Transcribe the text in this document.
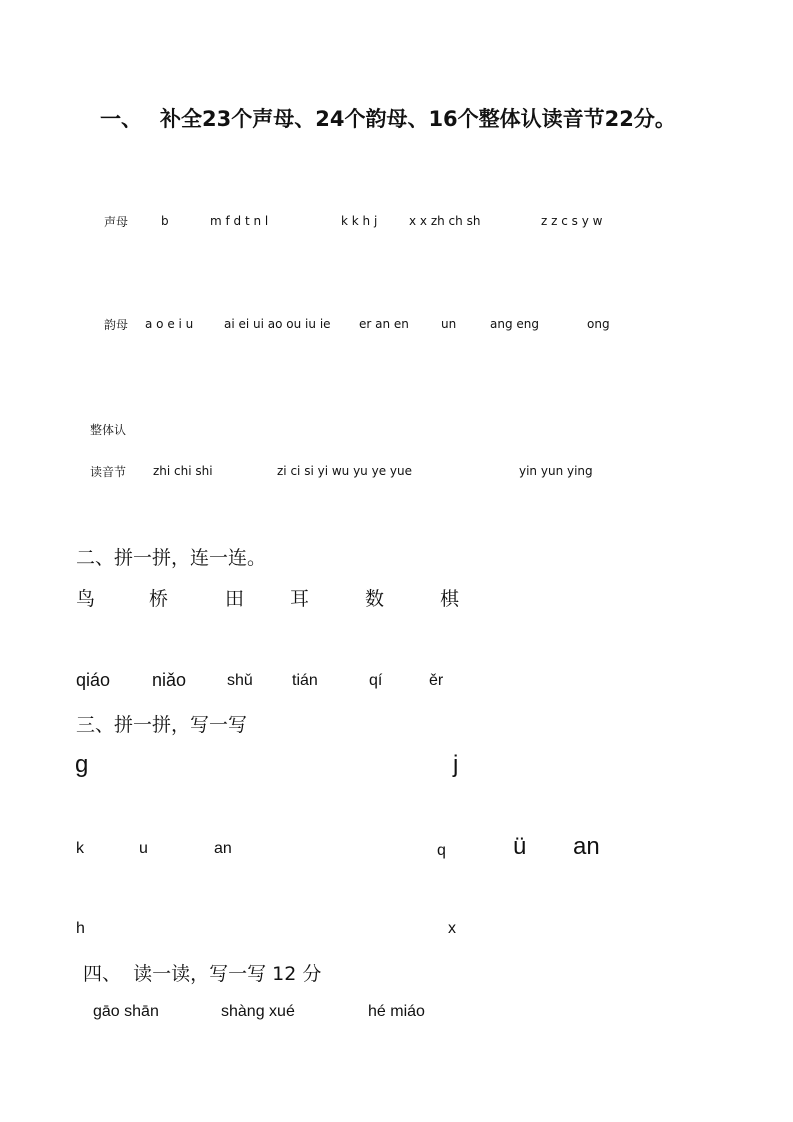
一、 补全23个声母、24个韵母、16个整体认读音节22分。
声母	b	m f d t n l	k k h j	x x zh ch sh	z z c s y w
韵母 a o e i u	ai ei ui ao ou iu ie er an en	un	ang eng	ong
整体认
读音节 zhi chi shi	zi ci si yi wu yu ye yue	yin yun ying
二、拼一拼，连一连。
鸟	桥	田 耳	数	棋
qiáo niǎo	shǔ tián	qí	ěr
三、拼一拼，写一写
g	j
k	u	an	q	ü an
h	x
四、  读一读，写一写 12 分
gāo shān	shàng xué	hé miáo
